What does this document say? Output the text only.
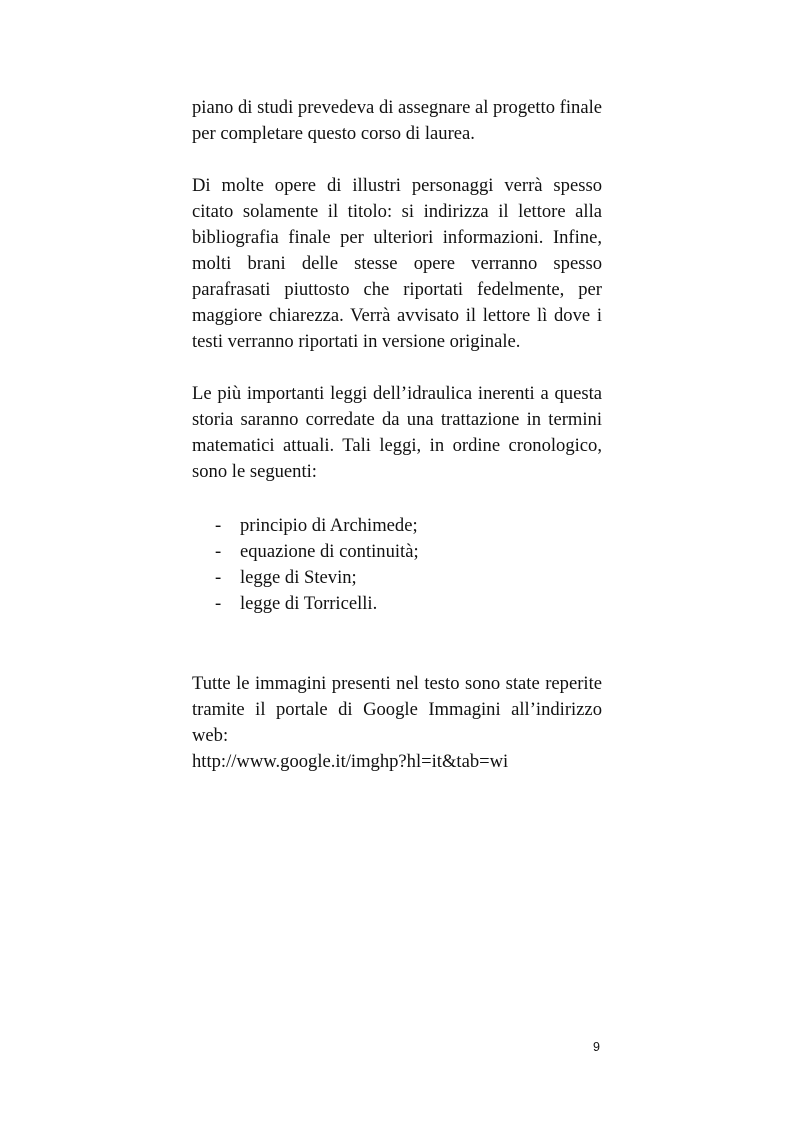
piano di studi prevedeva di assegnare al progetto finale per completare questo corso di laurea.

Di molte opere di illustri personaggi verrà spesso citato solamente il titolo: si indirizza il lettore alla bibliografia finale per ulteriori informazioni. Infine, molti brani delle stesse opere verranno spesso parafrasati piuttosto che riportati fedelmente, per maggiore chiarezza. Verrà avvisato il lettore lì dove i testi verranno riportati in versione originale.

Le più importanti leggi dell’idraulica inerenti a questa storia saranno corredate da una trattazione in termini matematici attuali. Tali leggi, in ordine cronologico, sono le seguenti:

- principio di Archimede;
- equazione di continuità;
- legge di Stevin;
- legge di Torricelli.

Tutte le immagini presenti nel testo sono state reperite tramite il portale di Google Immagini all’indirizzo web:

http://www.google.it/imghp?hl=it&tab=wi
9
